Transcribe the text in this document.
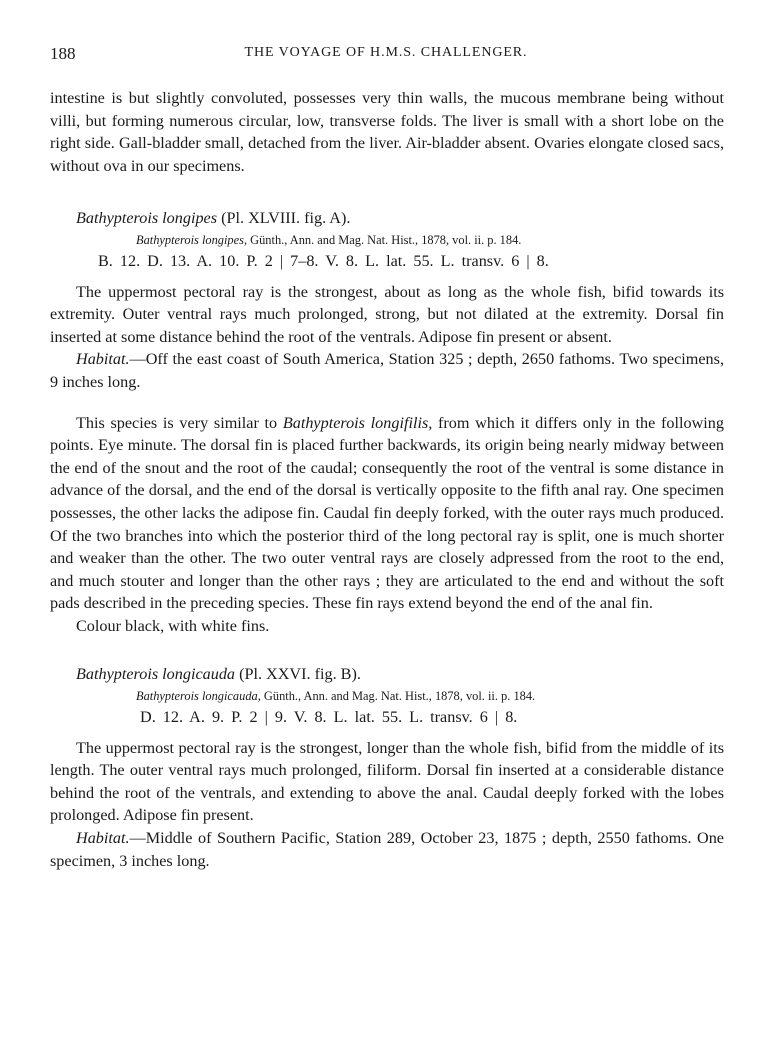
188	THE VOYAGE OF H.M.S. CHALLENGER.

intestine is but slightly convoluted, possesses very thin walls, the mucous membrane being without villi, but forming numerous circular, low, transverse folds. The liver is small with a short lobe on the right side. Gall-bladder small, detached from the liver. Air-bladder absent. Ovaries elongate closed sacs, without ova in our specimens.

Bathypterois longipes (Pl. XLVIII. fig. A).

Bathypterois longipes, Günth., Ann. and Mag. Nat. Hist., 1878, vol. ii. p. 184.

B. 12. D. 13. A. 10. P. 2 | 7–8. V. 8. L. lat. 55. L. transv. 6 | 8.

The uppermost pectoral ray is the strongest, about as long as the whole fish, bifid towards its extremity. Outer ventral rays much prolonged, strong, but not dilated at the extremity. Dorsal fin inserted at some distance behind the root of the ventrals. Adipose fin present or absent.

Habitat.—Off the east coast of South America, Station 325 ; depth, 2650 fathoms. Two specimens, 9 inches long.

This species is very similar to Bathypterois longifilis, from which it differs only in the following points. Eye minute. The dorsal fin is placed further backwards, its origin being nearly midway between the end of the snout and the root of the caudal; consequently the root of the ventral is some distance in advance of the dorsal, and the end of the dorsal is vertically opposite to the fifth anal ray. One specimen possesses, the other lacks the adipose fin. Caudal fin deeply forked, with the outer rays much produced. Of the two branches into which the posterior third of the long pectoral ray is split, one is much shorter and weaker than the other. The two outer ventral rays are closely adpressed from the root to the end, and much stouter and longer than the other rays ; they are articulated to the end and without the soft pads described in the preceding species. These fin rays extend beyond the end of the anal fin.

Colour black, with white fins.

Bathypterois longicauda (Pl. XXVI. fig. B).

Bathypterois longicauda, Günth., Ann. and Mag. Nat. Hist., 1878, vol. ii. p. 184.

D. 12. A. 9. P. 2 | 9. V. 8. L. lat. 55. L. transv. 6 | 8.

The uppermost pectoral ray is the strongest, longer than the whole fish, bifid from the middle of its length. The outer ventral rays much prolonged, filiform. Dorsal fin inserted at a considerable distance behind the root of the ventrals, and extending to above the anal. Caudal deeply forked with the lobes prolonged. Adipose fin present.

Habitat.—Middle of Southern Pacific, Station 289, October 23, 1875 ; depth, 2550 fathoms. One specimen, 3 inches long.
